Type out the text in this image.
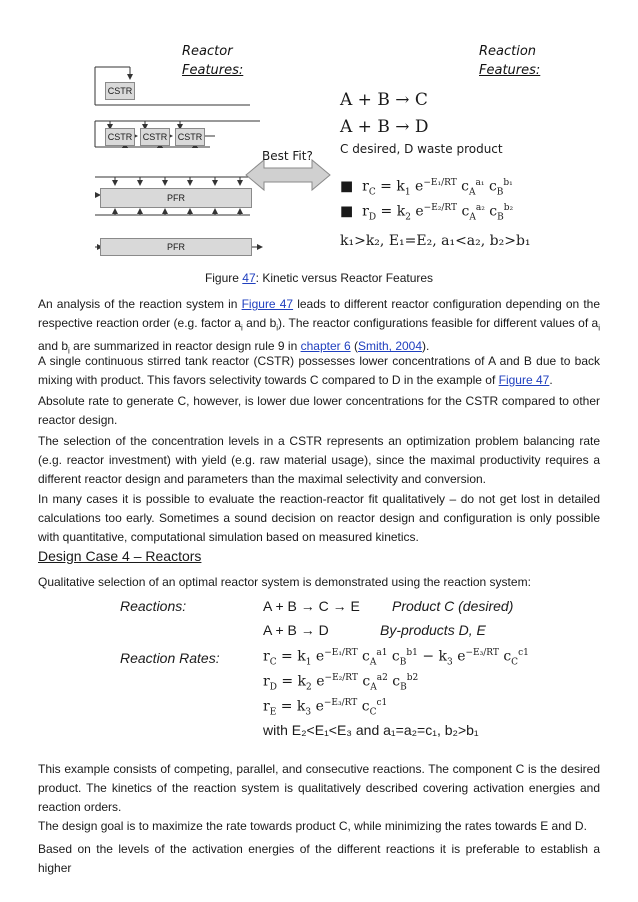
Reactor
Features:
Reaction
Features:
CSTR
CSTR	CSTR	CSTR
PFR
PFR
Best Fit?
A + B → C
A + B → D
C desired, D waste product
■ $r_C = k_1$ $e^{-E_1/RT}$ $c_A^{a_1}$ $c_B^{b_1}$
■ $r_D = k_2$ $e^{-E_2/RT}$ $c_A^{a_2}$ $c_B^{b_2}$
k₁>k₂, E₁=E₂, a₁<a₂, b₂>b₁
Figure 47: Kinetic versus Reactor Features
An analysis of the reaction system in Figure 47 leads to different reactor configuration depending on the respective reaction order (e.g. factor $a_i$ and $b_i$). The reactor configurations feasible for different values of $a_i$ and $b_i$ are summarized in reactor design rule 9 in chapter 6 (Smith, 2004).
A single continuous stirred tank reactor (CSTR) possesses lower concentrations of A and B due to back mixing with product. This favors selectivity towards C compared to D in the example of Figure 47.
Absolute rate to generate C, however, is lower due lower concentrations for the CSTR compared to other reactor design.
The selection of the concentration levels in a CSTR represents an optimization problem balancing rate (e.g. reactor investment) with yield (e.g. raw material usage), since the maximal productivity requires a different reactor design and parameters than the maximal selectivity and conversion.
In many cases it is possible to evaluate the reaction-reactor fit qualitatively – do not get lost in detailed calculations too early. Sometimes a sound decision on reactor design and configuration is only possible with quantitative, computational simulation based on measured kinetics.
Design Case 4 – Reactors
Qualitative selection of an optimal reactor system is demonstrated using the reaction system:
Reactions:	A + B → C → E Product C (desired)
A + B → D	By-products D, E
Reaction Rates:	$r_C = k_1$ $e^{-E_1/RT}$ $c_A^{a1}$ $c_B^{b1} - k_3$ $e^{-E_3/RT}$ $c_C^{c1}$
$r_D = k_2$ $e^{-E_2/RT}$ $c_A^{a2}$ $c_B^{b2}$
$r_E = k_3$ $e^{-E_3/RT}$ $c_C^{c1}$
with E₂<E₁<E₃ and a₁=a₂=c₁, b₂>b₁
This example consists of competing, parallel, and consecutive reactions. The component C is the desired product. The kinetics of the reaction system is qualitatively described covering activation energies and reaction orders.
The design goal is to maximize the rate towards product C, while minimizing the rates towards E and D.
Based on the levels of the activation energies of the different reactions it is preferable to establish a higher
